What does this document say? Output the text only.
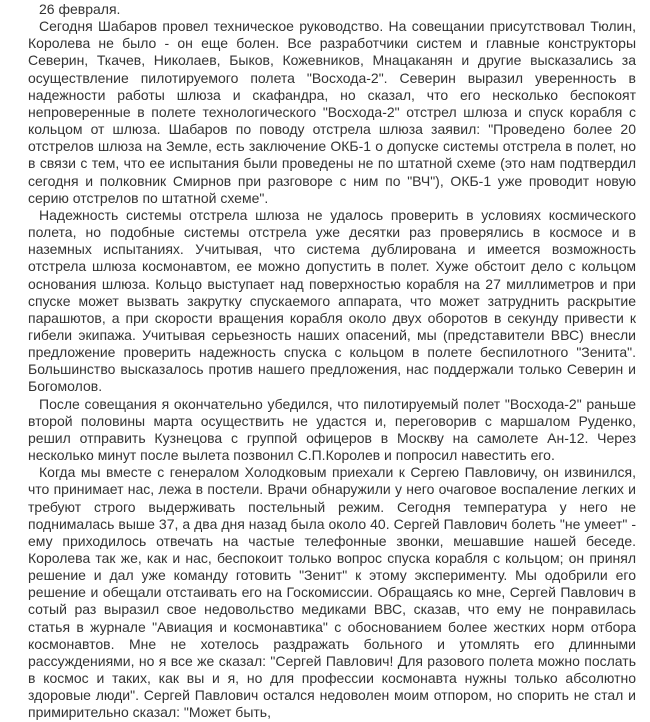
26 февраля.

Сегодня Шабаров провел техническое руководство. На совещании присутствовал Тюлин, Королева не было - он еще болен. Все разработчики систем и главные конструкторы Северин, Ткачев, Николаев, Быков, Кожевников, Мнацаканян и другие высказались за осуществление пилотируемого полета "Восхода-2". Северин выразил уверенность в надежности работы шлюза и скафандра, но сказал, что его несколько беспокоят непроверенные в полете технологического "Восхода-2" отстрел шлюза и спуск корабля с кольцом от шлюза. Шабаров по поводу отстрела шлюза заявил: "Проведено более 20 отстрелов шлюза на Земле, есть заключение ОКБ-1 о допуске системы отстрела в полет, но в связи с тем, что ее испытания были проведены не по штатной схеме (это нам подтвердил сегодня и полковник Смирнов при разговоре с ним по "ВЧ"), ОКБ-1 уже проводит новую серию отстрелов по штатной схеме".

Надежность системы отстрела шлюза не удалось проверить в условиях космического полета, но подобные системы отстрела уже десятки раз проверялись в космосе и в наземных испытаниях. Учитывая, что система дублирована и имеется возможность отстрела шлюза космонавтом, ее можно допустить в полет. Хуже обстоит дело с кольцом основания шлюза. Кольцо выступает над поверхностью корабля на 27 миллиметров и при спуске может вызвать закрутку спускаемого аппарата, что может затруднить раскрытие парашютов, а при скорости вращения корабля около двух оборотов в секунду привести к гибели экипажа. Учитывая серьезность наших опасений, мы (представители ВВС) внесли предложение проверить надежность спуска с кольцом в полете беспилотного "Зенита". Большинство высказалось против нашего предложения, нас поддержали только Северин и Богомолов.

После совещания я окончательно убедился, что пилотируемый полет "Восхода-2" раньше второй половины марта осуществить не удастся и, переговорив с маршалом Руденко, решил отправить Кузнецова с группой офицеров в Москву на самолете Ан-12. Через несколько минут после вылета позвонил С.П.Королев и попросил навестить его.

Когда мы вместе с генералом Холодковым приехали к Сергею Павловичу, он извинился, что принимает нас, лежа в постели. Врачи обнаружили у него очаговое воспаление легких и требуют строго выдерживать постельный режим. Сегодня температура у него не поднималась выше 37, а два дня назад была около 40. Сергей Павлович болеть "не умеет" - ему приходилось отвечать на частые телефонные звонки, мешавшие нашей беседе. Королева так же, как и нас, беспокоит только вопрос спуска корабля с кольцом; он принял решение и дал уже команду готовить "Зенит" к этому эксперименту. Мы одобрили его решение и обещали отстаивать его на Госкомиссии. Обращаясь ко мне, Сергей Павлович в сотый раз выразил свое недовольство медиками ВВС, сказав, что ему не понравилась статья в журнале "Авиация и космонавтика" с обоснованием более жестких норм отбора космонавтов. Мне не хотелось раздражать больного и утомлять его длинными рассуждениями, но я все же сказал: "Сергей Павлович! Для разового полета можно послать в космос и таких, как вы и я, но для профессии космонавта нужны только абсолютно здоровые люди". Сергей Павлович остался недоволен моим отпором, но спорить не стал и примирительно сказал: "Может быть,
